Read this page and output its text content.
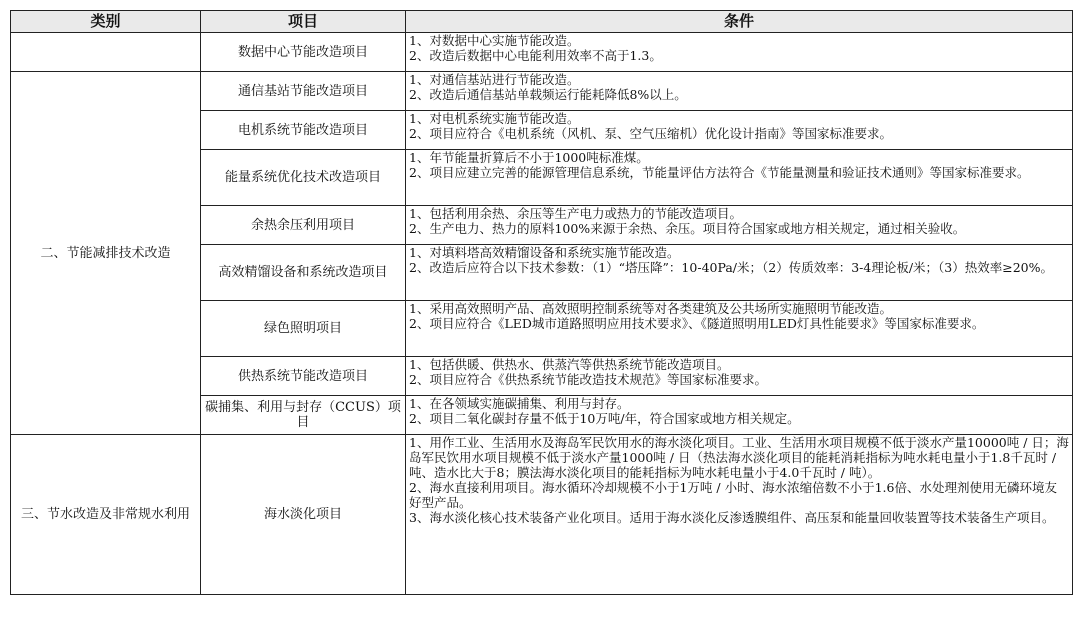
类别	项目	条件
	数据中心节能改造项目	1、对数据中心实施节能改造。
2、改造后数据中心电能利用效率不高于1.3。

二、节能减排技术改造	通信基站节能改造项目	1、对通信基站进行节能改造。
2、改造后通信基站单载频运行能耗降低8%以上。

	电机系统节能改造项目	1、对电机系统实施节能改造。
2、项目应符合《电机系统（风机、泵、空气压缩机）优化设计指南》等国家标准要求。

	能量系统优化技术改造项目	1、年节能量折算后不小于1000吨标准煤。
2、项目应建立完善的能源管理信息系统，节能量评估方法符合《节能量测量和验证技术通则》等国家标准要求。

	余热余压利用项目	1、包括利用余热、余压等生产电力或热力的节能改造项目。
2、生产电力、热力的原料100%来源于余热、余压。项目符合国家或地方相关规定，通过相关验收。

	高效精馏设备和系统改造项目	1、对填料塔高效精馏设备和系统实施节能改造。
2、改造后应符合以下技术参数：（1）“塔压降”：10-40Pa/米；（2）传质效率：3-4理论板/米；（3）热效率≥20%。

	绿色照明项目	1、采用高效照明产品、高效照明控制系统等对各类建筑及公共场所实施照明节能改造。
2、项目应符合《LED城市道路照明应用技术要求》、《隧道照明用LED灯具性能要求》等国家标准要求。

	供热系统节能改造项目	1、包括供暖、供热水、供蒸汽等供热系统节能改造项目。
2、项目应符合《供热系统节能改造技术规范》等国家标准要求。

	碳捕集、利用与封存（CCUS）项目	1、在各领域实施碳捕集、利用与封存。
2、项目二氧化碳封存量不低于10万吨/年，符合国家或地方相关规定。

三、节水改造及非常规水利用	海水淡化项目	1、用作工业、生活用水及海岛军民饮用水的海水淡化项目。工业、生活用水项目规模不低于淡水产量10000吨 / 日；海岛军民饮用水项目规模不低于淡水产量1000吨 / 日（热法海水淡化项目的能耗消耗指标为吨水耗电量小于1.8千瓦时 / 吨、造水比大于8；膜法海水淡化项目的能耗指标为吨水耗电量小于4.0千瓦时 / 吨）。
2、海水直接利用项目。海水循环冷却规模不小于1万吨 / 小时、海水浓缩倍数不小于1.6倍、水处理剂使用无磷环境友好型产品。
3、海水淡化核心技术装备产业化项目。适用于海水淡化反渗透膜组件、高压泵和能量回收装置等技术装备生产项目。
